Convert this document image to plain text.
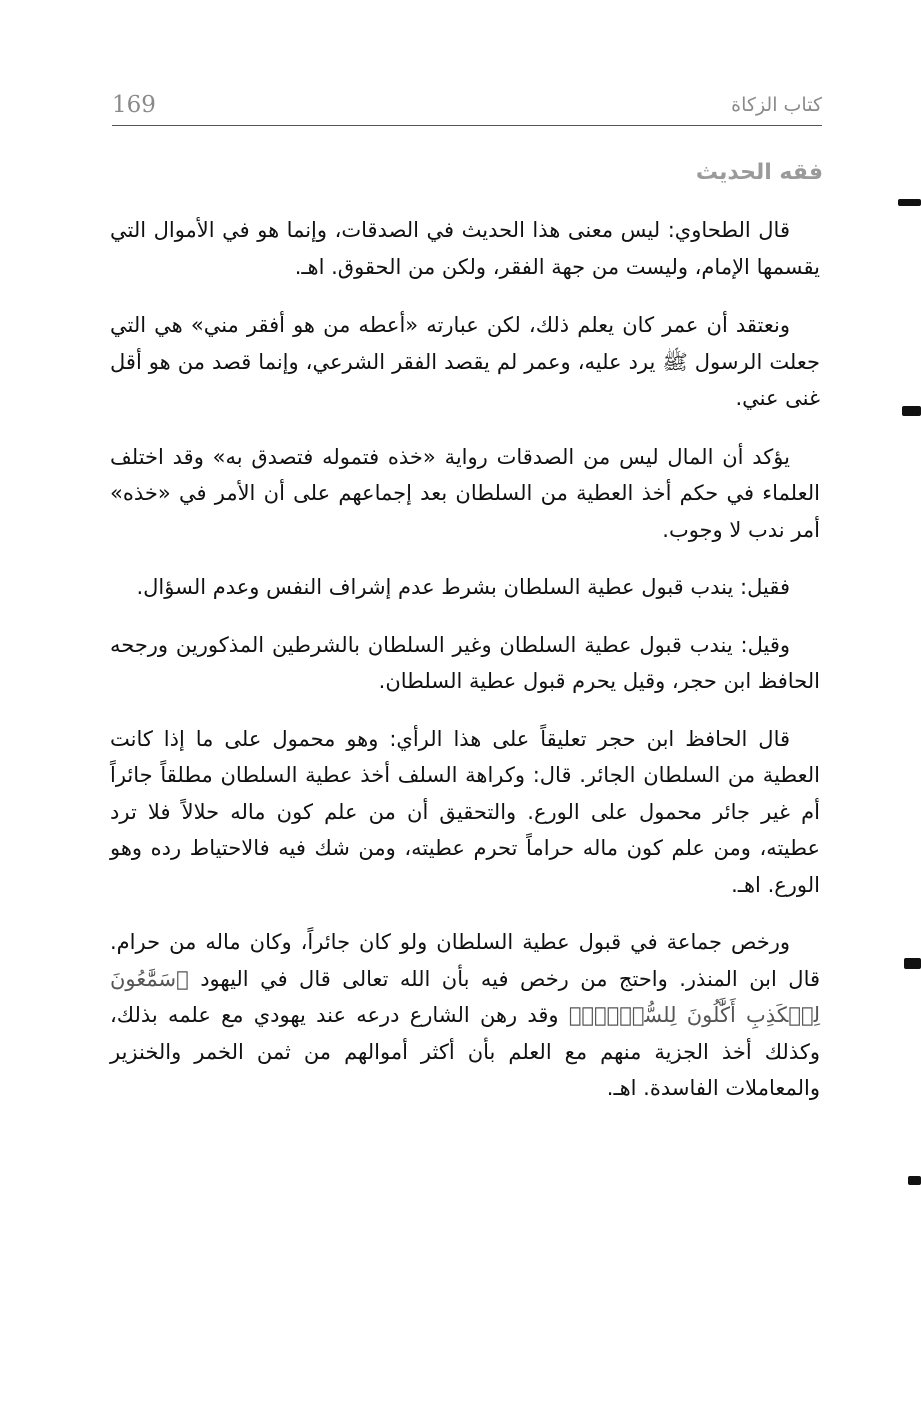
كتاب الزكاة
169
فقه الحديث

قال الطحاوي: ليس معنى هذا الحديث في الصدقات، وإنما هو في الأموال التي يقسمها الإمام، وليست من جهة الفقر، ولكن من الحقوق. اهـ.

ونعتقد أن عمر كان يعلم ذلك، لكن عبارته «أعطه من هو أفقر مني» هي التي جعلت الرسول ﷺ يرد عليه، وعمر لم يقصد الفقر الشرعي، وإنما قصد من هو أقل غنى عني.

يؤكد أن المال ليس من الصدقات رواية «خذه فتموله فتصدق به» وقد اختلف العلماء في حكم أخذ العطية من السلطان بعد إجماعهم على أن الأمر في «خذه» أمر ندب لا وجوب.

فقيل: يندب قبول عطية السلطان بشرط عدم إشراف النفس وعدم السؤال.

وقيل: يندب قبول عطية السلطان وغير السلطان بالشرطين المذكورين ورجحه الحافظ ابن حجر، وقيل يحرم قبول عطية السلطان.

قال الحافظ ابن حجر تعليقاً على هذا الرأي: وهو محمول على ما إذا كانت العطية من السلطان الجائر. قال: وكراهة السلف أخذ عطية السلطان مطلقاً جائراً أم غير جائر محمول على الورع. والتحقيق أن من علم كون ماله حلالاً فلا ترد عطيته، ومن علم كون ماله حراماً تحرم عطيته، ومن شك فيه فالاحتياط رده وهو الورع. اهـ.

ورخص جماعة في قبول عطية السلطان ولو كان جائراً، وكان ماله من حرام. قال ابن المنذر. واحتج من رخص فيه بأن الله تعالى قال في اليهود ﴿سَمَّٰعُونَ لِلۡكَذِبِ أَكَّٰلُونَ لِلسُّحۡتِۚ﴾ وقد رهن الشارع درعه عند يهودي مع علمه بذلك، وكذلك أخذ الجزية منهم مع العلم بأن أكثر أموالهم من ثمن الخمر والخنزير والمعاملات الفاسدة. اهـ.
